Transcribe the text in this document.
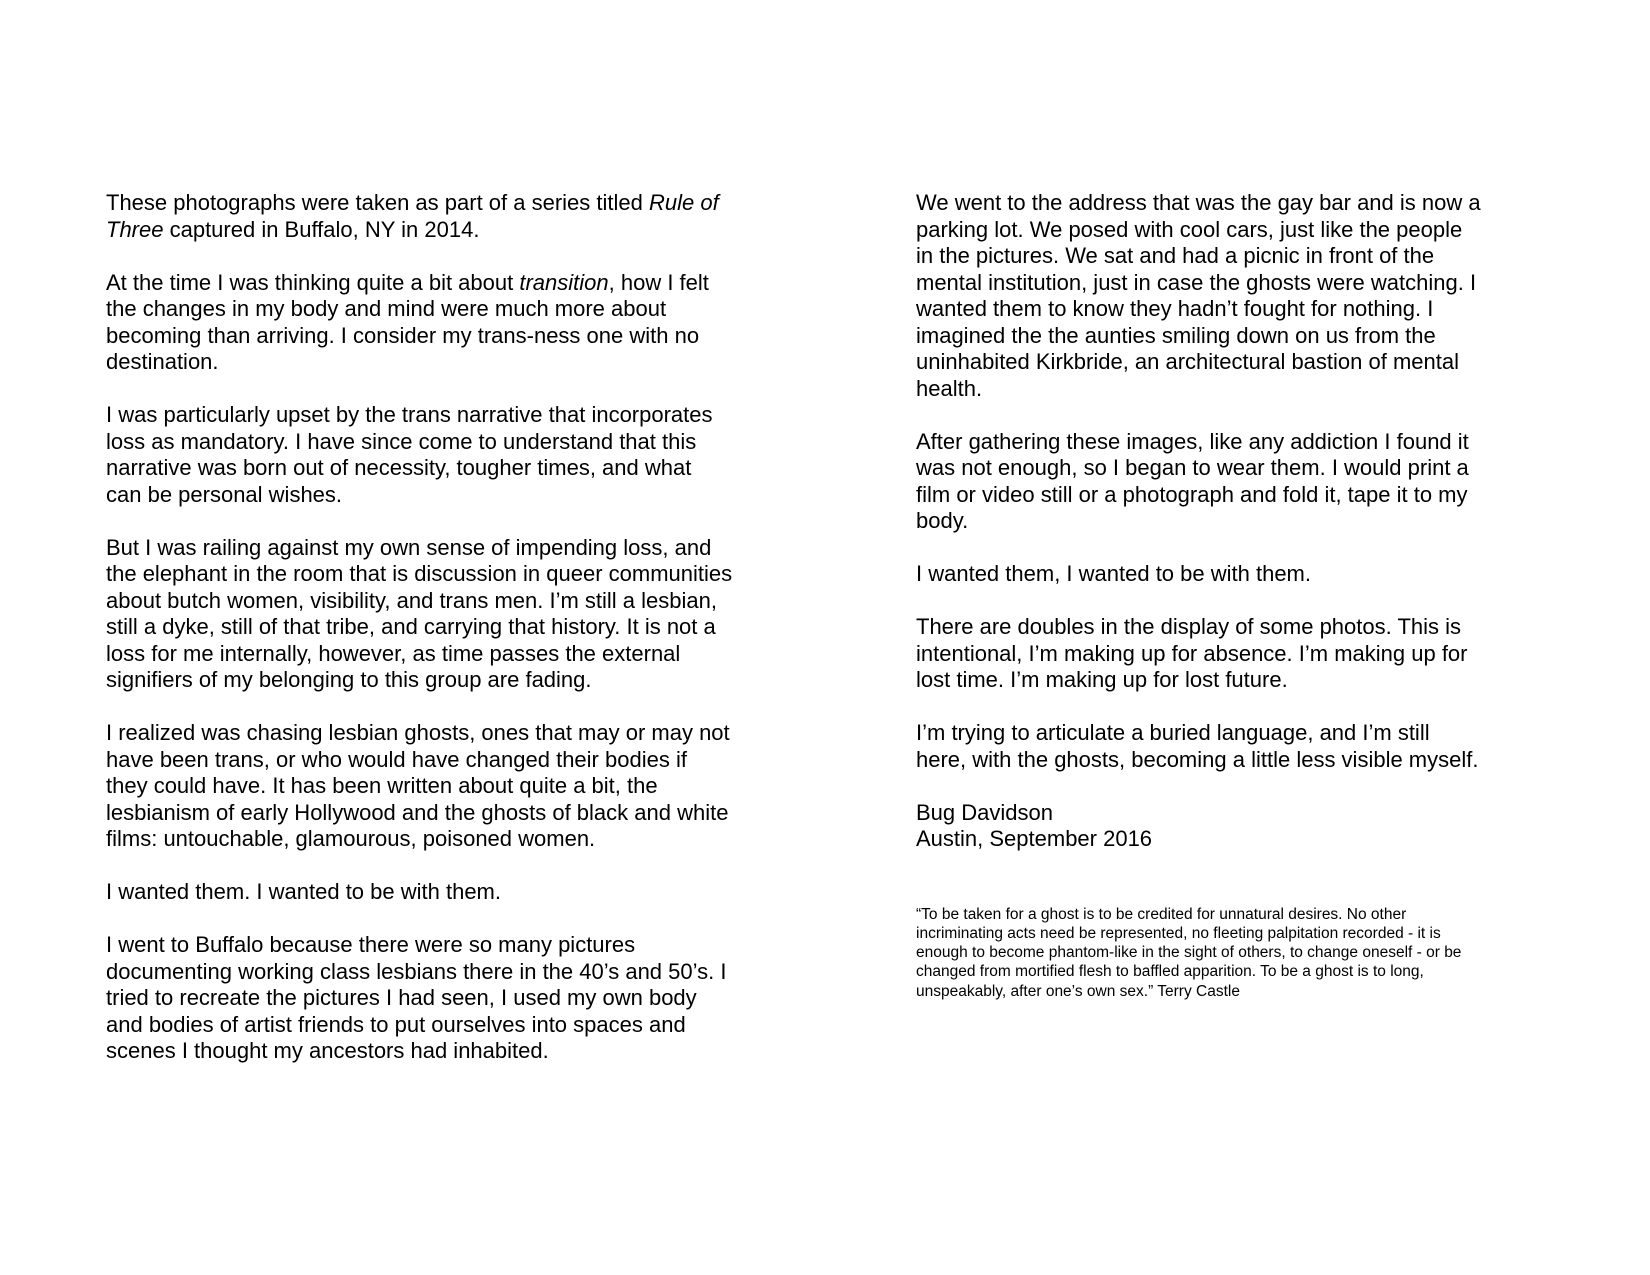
These photographs were taken as part of a series titled Rule of
Three captured in Buffalo, NY in 2014.

At the time I was thinking quite a bit about transition, how I felt
the changes in my body and mind were much more about
becoming than arriving. I consider my trans-ness one with no
destination.

I was particularly upset by the trans narrative that incorporates
loss as mandatory. I have since come to understand that this
narrative was born out of necessity, tougher times, and what
can be personal wishes.

But I was railing against my own sense of impending loss, and
the elephant in the room that is discussion in queer communities
about butch women, visibility, and trans men. I’m still a lesbian,
still a dyke, still of that tribe, and carrying that history. It is not a
loss for me internally, however, as time passes the external
signifiers of my belonging to this group are fading.

I realized was chasing lesbian ghosts, ones that may or may not
have been trans, or who would have changed their bodies if
they could have. It has been written about quite a bit, the
lesbianism of early Hollywood and the ghosts of black and white
films: untouchable, glamourous, poisoned women.

I wanted them. I wanted to be with them.

I went to Buffalo because there were so many pictures
documenting working class lesbians there in the 40’s and 50’s. I
tried to recreate the pictures I had seen, I used my own body
and bodies of artist friends to put ourselves into spaces and
scenes I thought my ancestors had inhabited.

We went to the address that was the gay bar and is now a
parking lot. We posed with cool cars, just like the people
in the pictures. We sat and had a picnic in front of the
mental institution, just in case the ghosts were watching. I
wanted them to know they hadn’t fought for nothing. I
imagined the the aunties smiling down on us from the
uninhabited Kirkbride, an architectural bastion of mental
health.

After gathering these images, like any addiction I found it
was not enough, so I began to wear them. I would print a
film or video still or a photograph and fold it, tape it to my
body.

I wanted them, I wanted to be with them.

There are doubles in the display of some photos. This is
intentional, I’m making up for absence. I’m making up for
lost time. I’m making up for lost future.

I’m trying to articulate a buried language, and I’m still
here, with the ghosts, becoming a little less visible myself.

Bug Davidson
Austin, September 2016
“To be taken for a ghost is to be credited for unnatural desires. No other
incriminating acts need be represented, no fleeting palpitation recorded - it is
enough to become phantom-like in the sight of others, to change oneself - or be
changed from mortified flesh to baffled apparition. To be a ghost is to long,
unspeakably, after one’s own sex.” Terry Castle
